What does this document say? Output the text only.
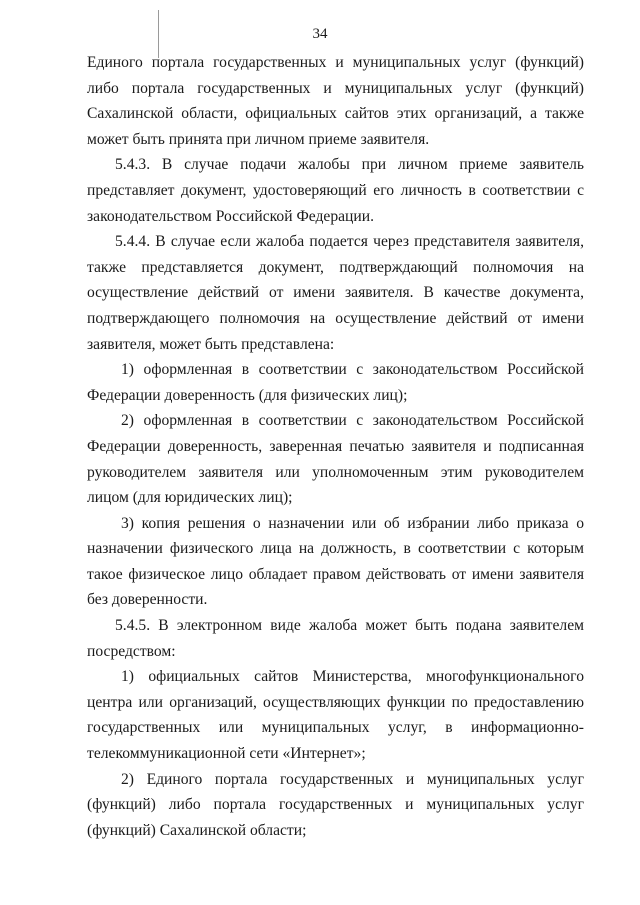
34

Единого портала государственных и муниципальных услуг (функций) либо портала государственных и муниципальных услуг (функций) Сахалинской области, официальных сайтов этих организаций, а также может быть принята при личном приеме заявителя.

5.4.3. В случае подачи жалобы при личном приеме заявитель представляет документ, удостоверяющий его личность в соответствии с законодательством Российской Федерации.

5.4.4. В случае если жалоба подается через представителя заявителя, также представляется документ, подтверждающий полномочия на осуществление действий от имени заявителя. В качестве документа, подтверждающего полномочия на осуществление действий от имени заявителя, может быть представлена:

1) оформленная в соответствии с законодательством Российской Федерации доверенность (для физических лиц);

2) оформленная в соответствии с законодательством Российской Федерации доверенность, заверенная печатью заявителя и подписанная руководителем заявителя или уполномоченным этим руководителем лицом (для юридических лиц);

3) копия решения о назначении или об избрании либо приказа о назначении физического лица на должность, в соответствии с которым такое физическое лицо обладает правом действовать от имени заявителя без доверенности.

5.4.5. В электронном виде жалоба может быть подана заявителем посредством:

1) официальных сайтов Министерства, многофункционального центра или организаций, осуществляющих функции по предоставлению государственных или муниципальных услуг, в информационно-телекоммуникационной сети «Интернет»;

2) Единого портала государственных и муниципальных услуг (функций) либо портала государственных и муниципальных услуг (функций) Сахалинской области;
